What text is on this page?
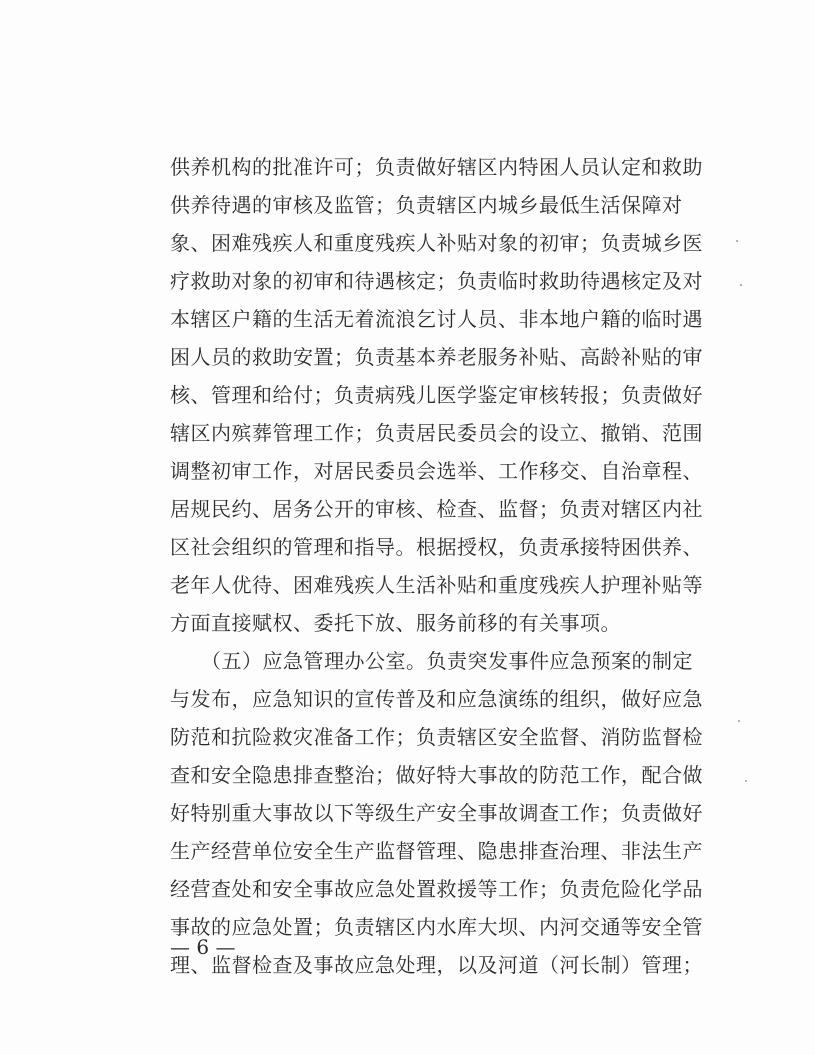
供养机构的批准许可；负责做好辖区内特困人员认定和救助
供养待遇的审核及监管；负责辖区内城乡最低生活保障对
象、困难残疾人和重度残疾人补贴对象的初审；负责城乡医
疗救助对象的初审和待遇核定；负责临时救助待遇核定及对
本辖区户籍的生活无着流浪乞讨人员、非本地户籍的临时遇
困人员的救助安置；负责基本养老服务补贴、高龄补贴的审
核、管理和给付；负责病残儿医学鉴定审核转报；负责做好
辖区内殡葬管理工作；负责居民委员会的设立、撤销、范围
调整初审工作，对居民委员会选举、工作移交、自治章程、
居规民约、居务公开的审核、检查、监督；负责对辖区内社
区社会组织的管理和指导。根据授权，负责承接特困供养、
老年人优待、困难残疾人生活补贴和重度残疾人护理补贴等
方面直接赋权、委托下放、服务前移的有关事项。
　　（五）应急管理办公室。负责突发事件应急预案的制定
与发布，应急知识的宣传普及和应急演练的组织，做好应急
防范和抗险救灾准备工作；负责辖区安全监督、消防监督检
查和安全隐患排查整治；做好特大事故的防范工作，配合做
好特别重大事故以下等级生产安全事故调查工作；负责做好
生产经营单位安全生产监督管理、隐患排查治理、非法生产
经营查处和安全事故应急处置救援等工作；负责危险化学品
事故的应急处置；负责辖区内水库大坝、内河交通等安全管
理、监督检查及事故应急处理，以及河道（河长制）管理；
— 6 —
